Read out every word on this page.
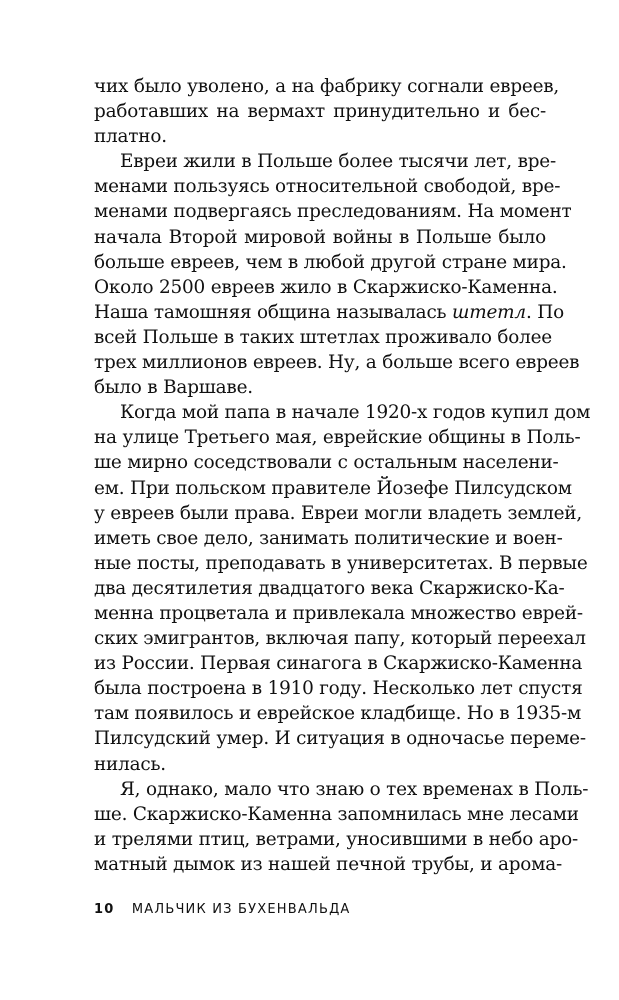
чих было уволено, а на фабрику согнали евреев,
работавших на вермахт принудительно и бес-
платно.
Евреи жили в Польше более тысячи лет, вре-
менами пользуясь относительной свободой, вре-
менами подвергаясь преследованиям. На момент
начала Второй мировой войны в Польше было
больше евреев, чем в любой другой стране мира.
Около 2500 евреев жило в Скаржиско-Каменна.
Наша тамошняя община называлась штетл. По
всей Польше в таких штетлах проживало более
трех миллионов евреев. Ну, а больше всего евреев
было в Варшаве.
Когда мой папа в начале 1920-х годов купил дом
на улице Третьего мая, еврейские общины в Поль-
ше мирно соседствовали с остальным населени-
ем. При польском правителе Йозефе Пилсудском
у евреев были права. Евреи могли владеть землей,
иметь свое дело, занимать политические и воен-
ные посты, преподавать в университетах. В первые
два десятилетия двадцатого века Скаржиско-Ка-
менна процветала и привлекала множество еврей-
ских эмигрантов, включая папу, который переехал
из России. Первая синагога в Скаржиско-Каменна
была построена в 1910 году. Несколько лет спустя
там появилось и еврейское кладбище. Но в 1935-м
Пилсудский умер. И ситуация в одночасье переме-
нилась.
Я, однако, мало что знаю о тех временах в Поль-
ше. Скаржиско-Каменна запомнилась мне лесами
и трелями птиц, ветрами, уносившими в небо аро-
матный дымок из нашей печной трубы, и арома-
10 МАЛЬЧИК ИЗ БУХЕНВАЛЬДА
